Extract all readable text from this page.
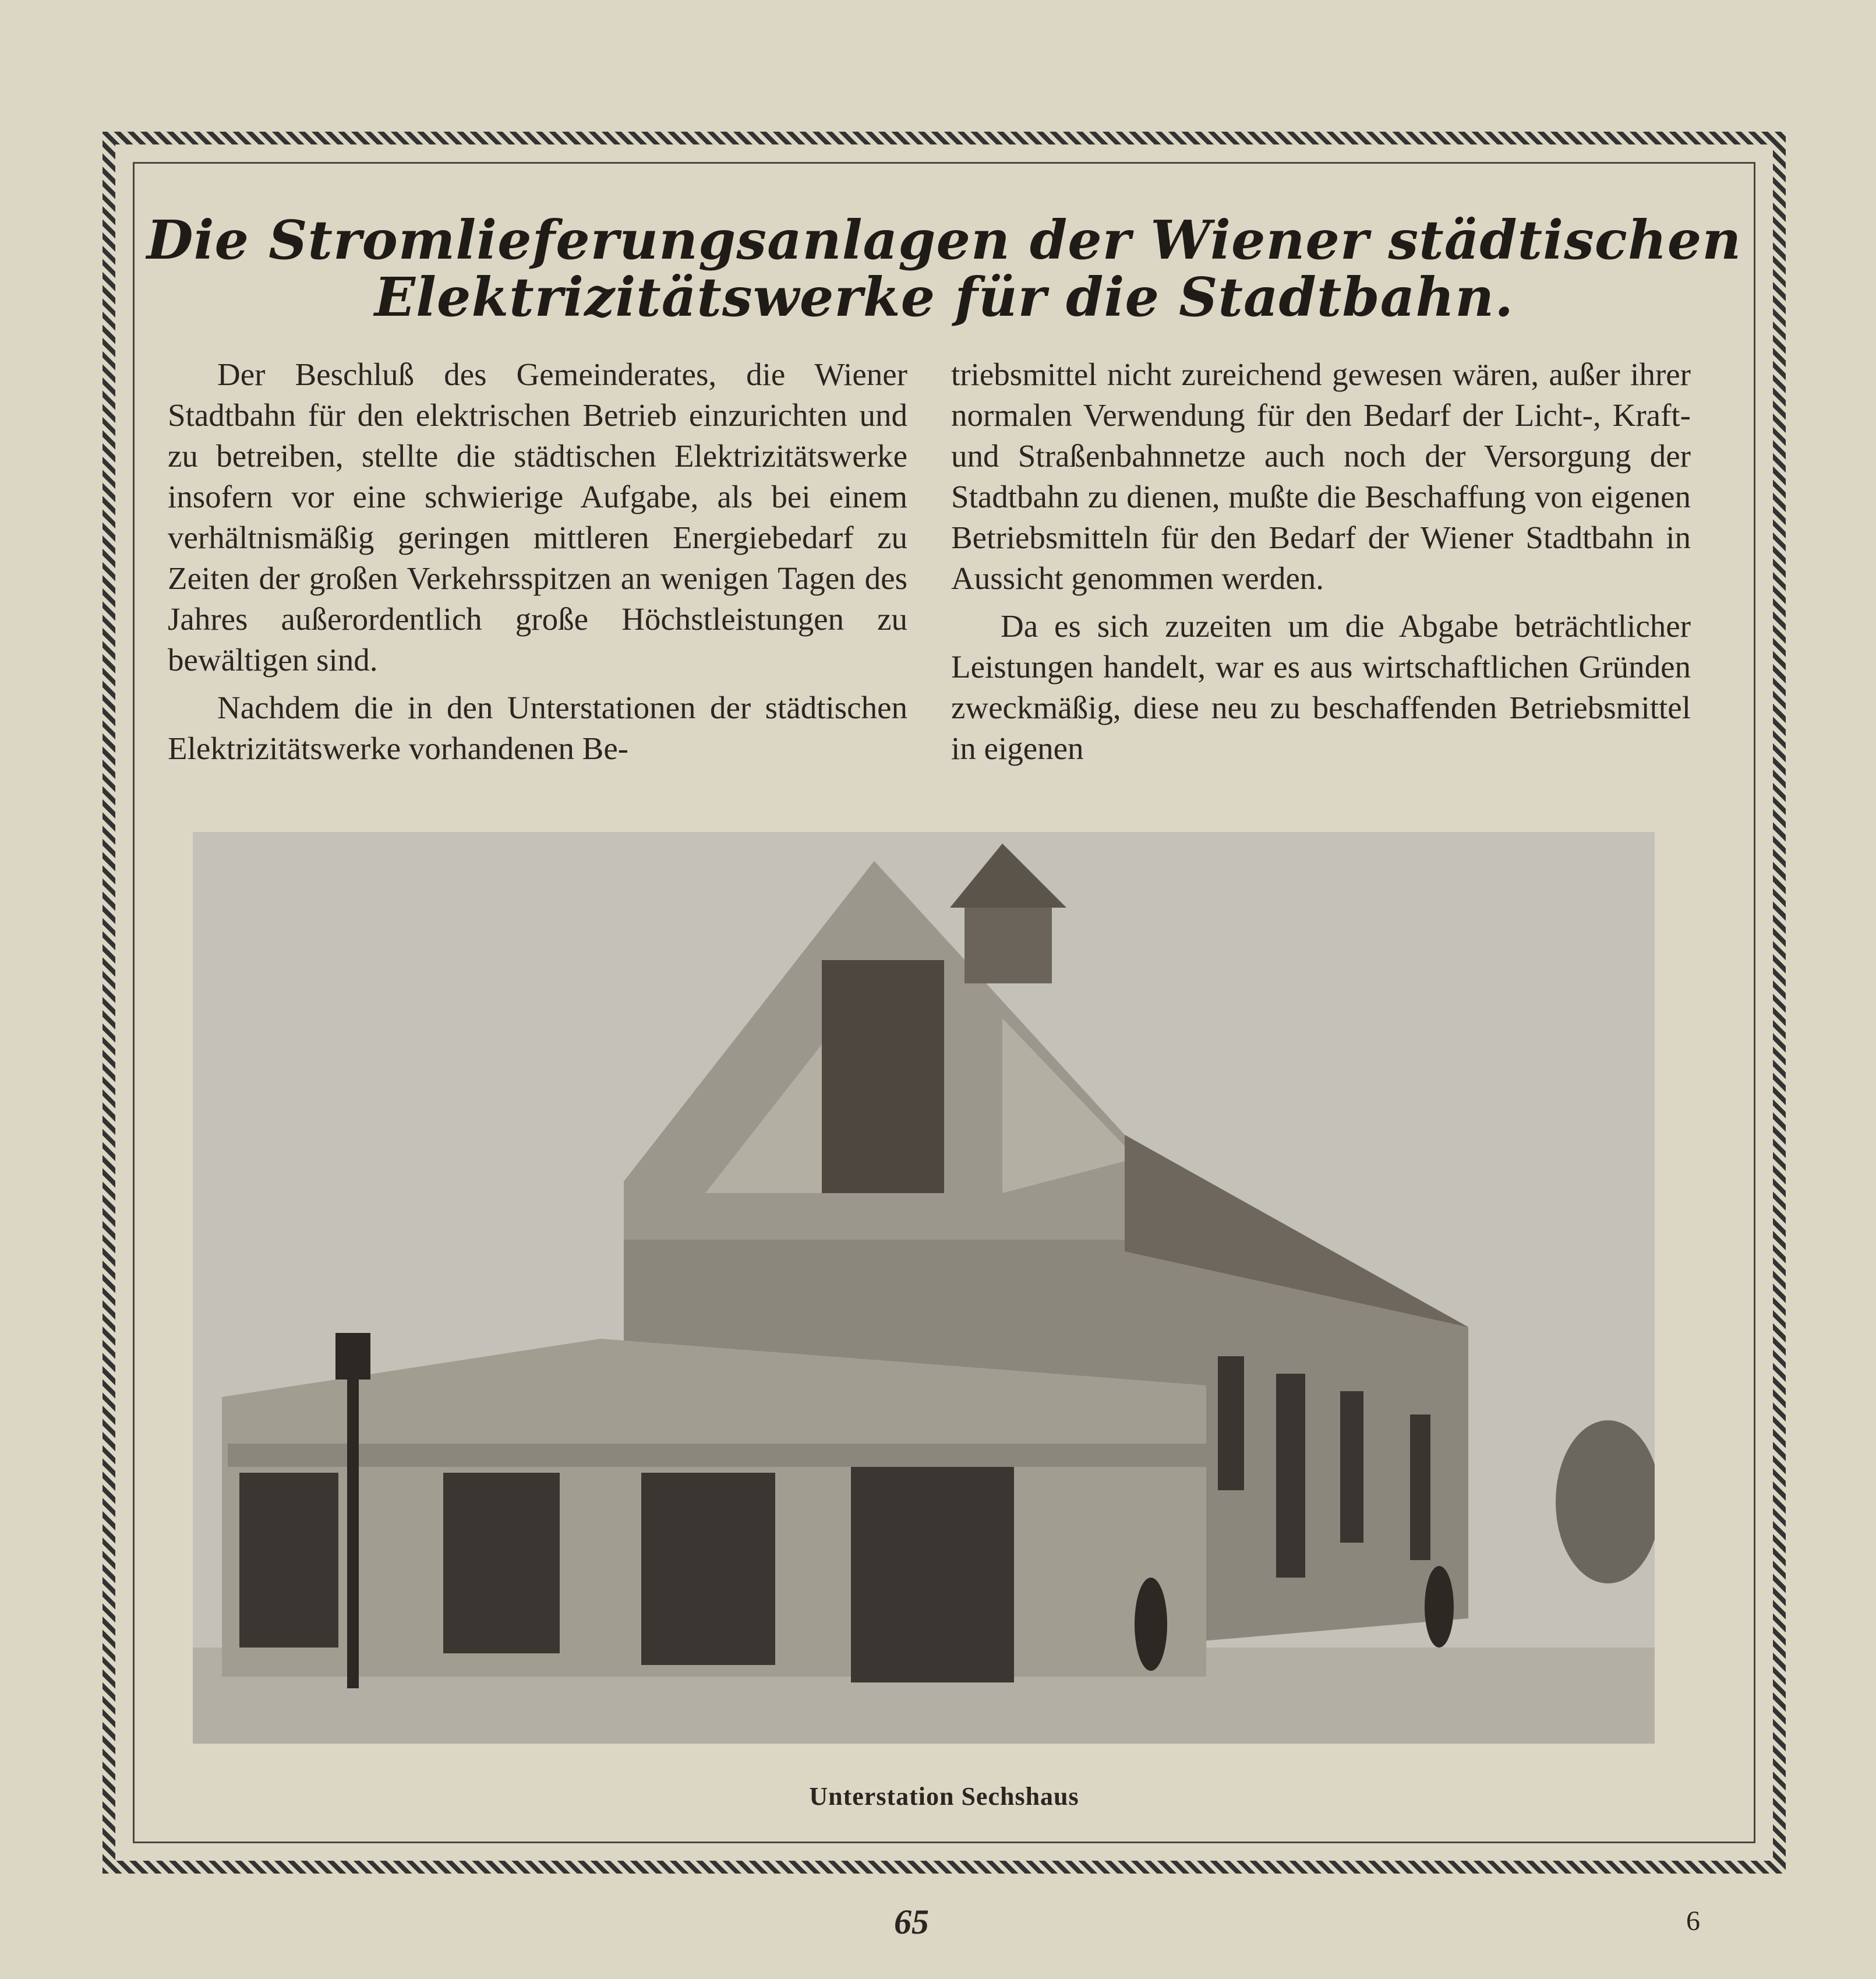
Die Stromlieferungsanlagen der Wiener städtischen
Elektrizitätswerke für die Stadtbahn.

Der Beschluß des Gemeinderates, die Wiener Stadtbahn für den elektrischen Betrieb einzurichten und zu betreiben, stellte die städtischen Elektrizitätswerke insofern vor eine schwierige Aufgabe, als bei einem verhältnismäßig geringen mittleren Energiebedarf zu Zeiten der großen Verkehrsspitzen an wenigen Tagen des Jahres außerordentlich große Höchstleistungen zu bewältigen sind.

Nachdem die in den Unterstationen der städtischen Elektrizitätswerke vorhandenen Be-

triebsmittel nicht zureichend gewesen wären, außer ihrer normalen Verwendung für den Bedarf der Licht-, Kraft- und Straßenbahnnetze auch noch der Versorgung der Stadtbahn zu dienen, mußte die Beschaffung von eigenen Betriebsmitteln für den Bedarf der Wiener Stadtbahn in Aussicht genommen werden.

Da es sich zuzeiten um die Abgabe beträchtlicher Leistungen handelt, war es aus wirtschaftlichen Gründen zweckmäßig, diese neu zu beschaffenden Betriebsmittel in eigenen

Unterstation Sechshaus
65	6
